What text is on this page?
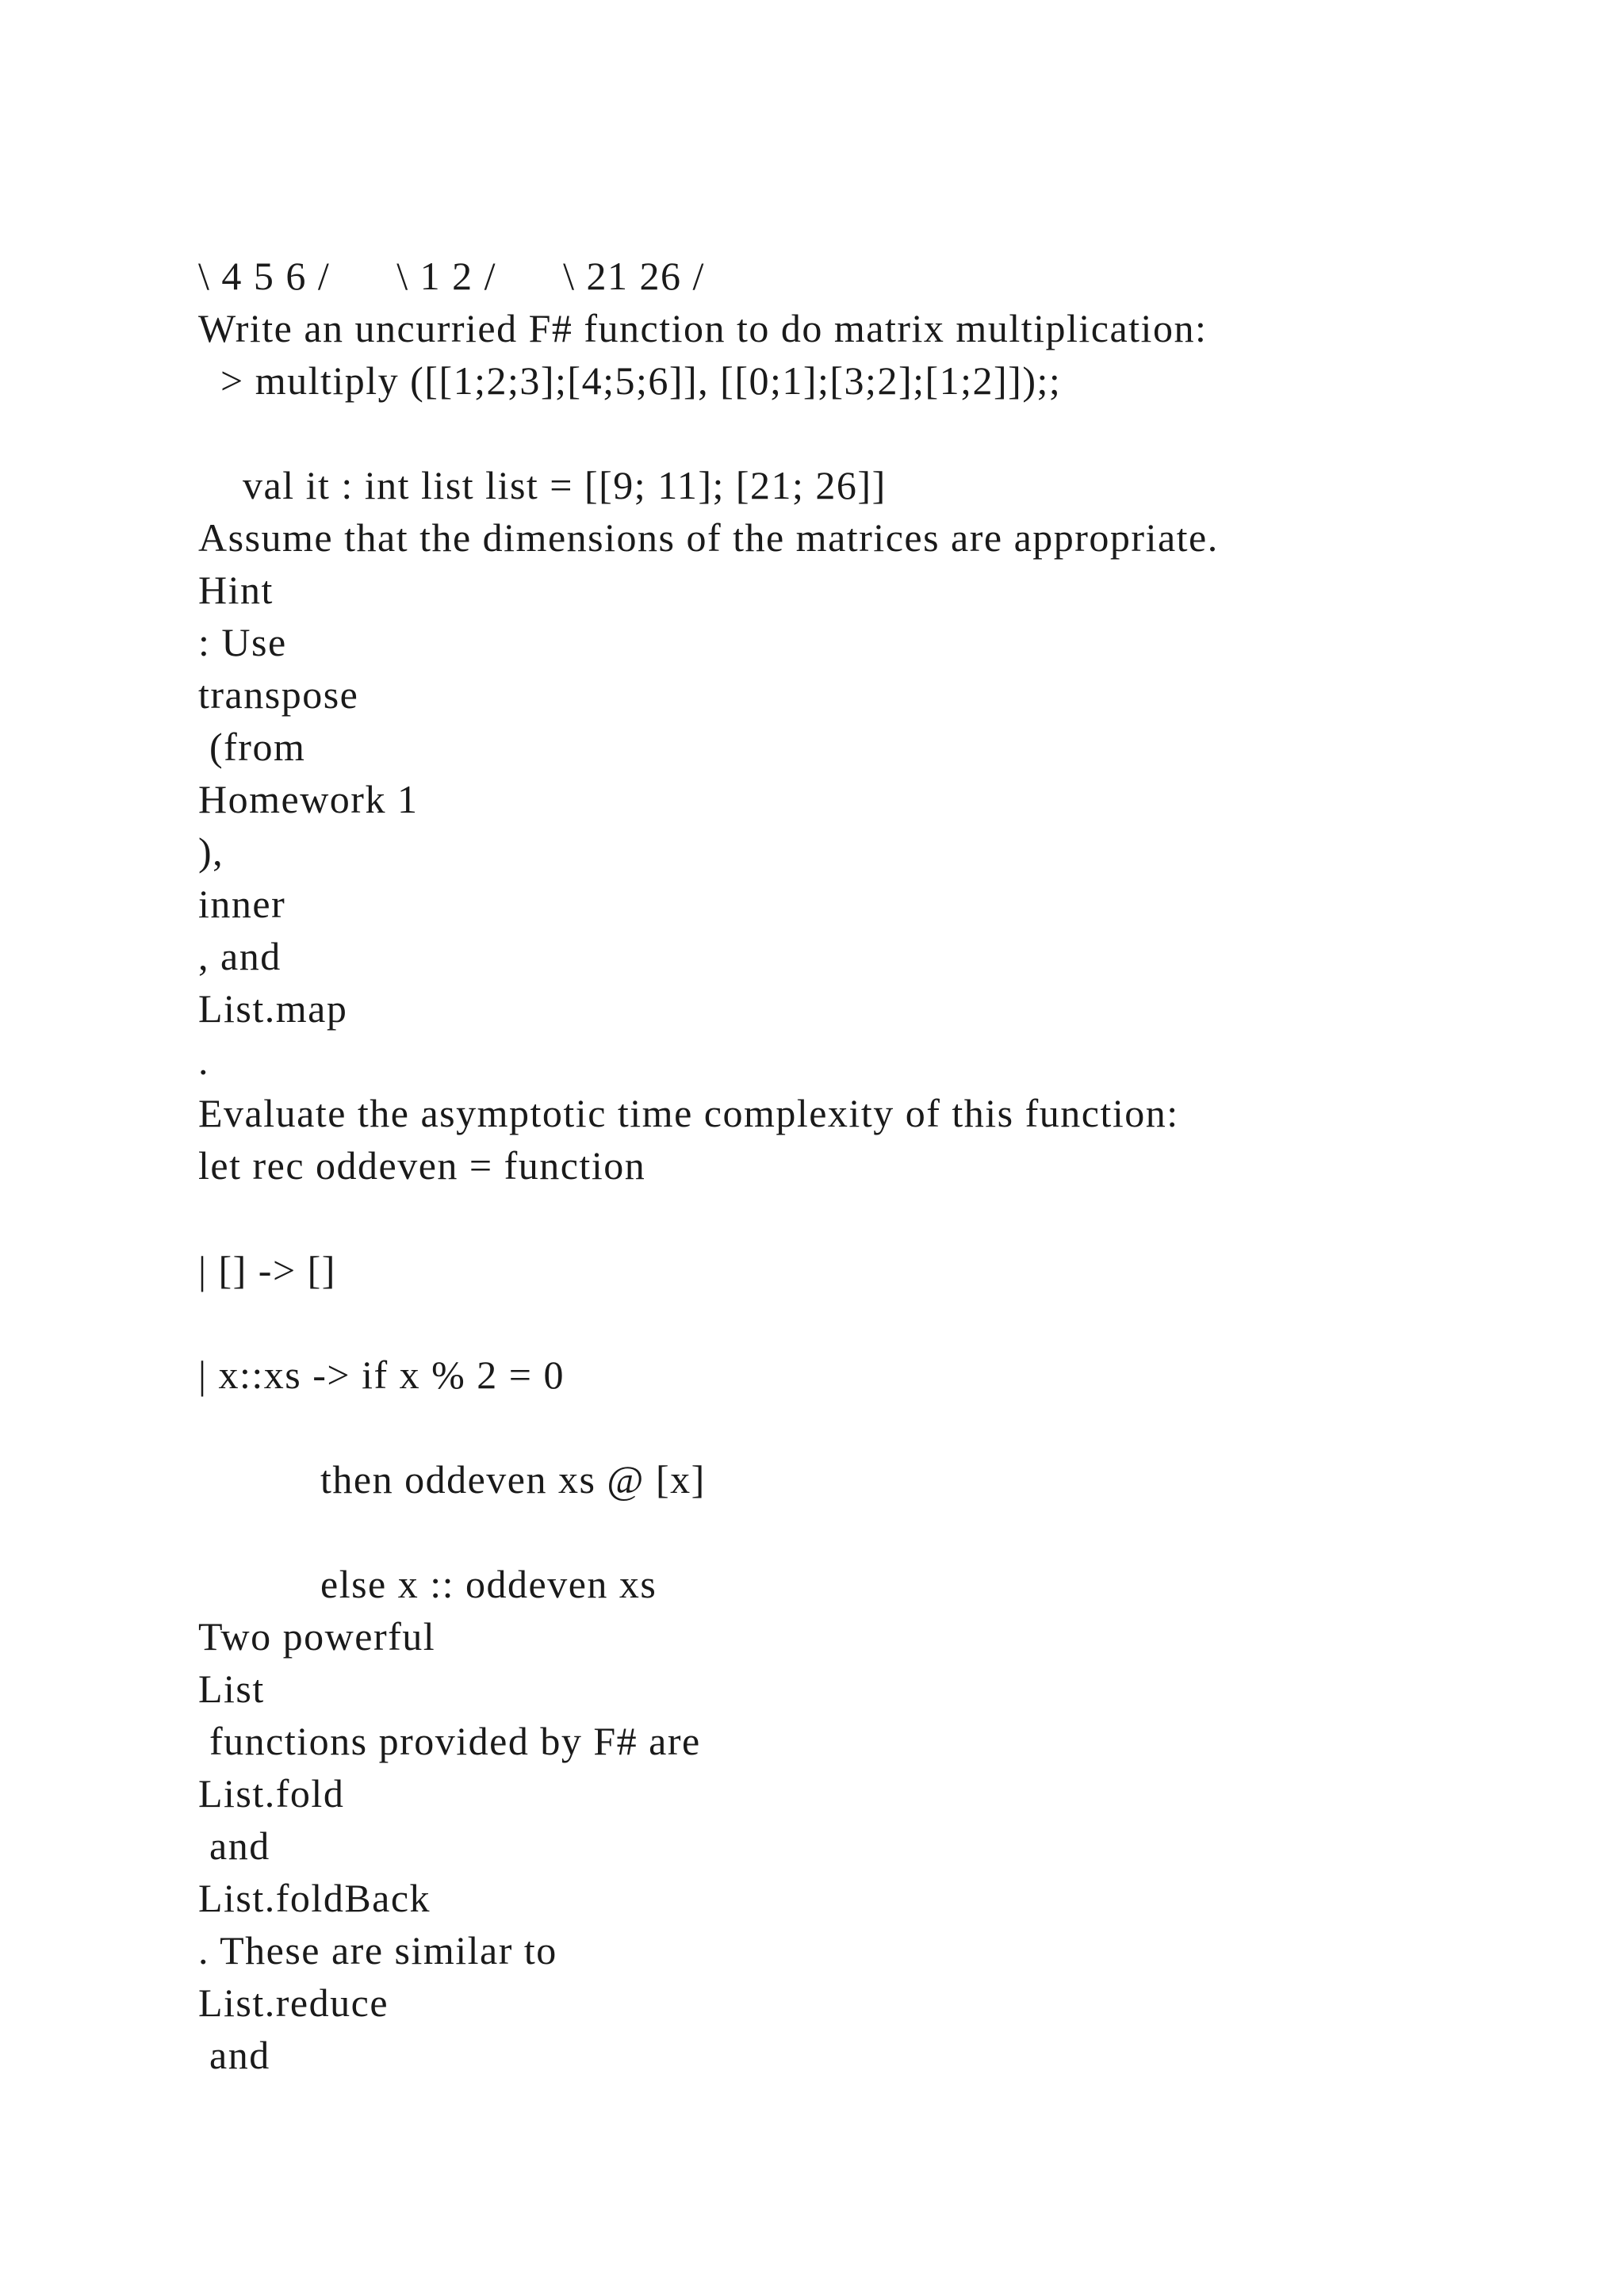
\ 4 5 6 /      \ 1 2 /      \ 21 26 /

Write an uncurried F# function to do matrix multiplication:

> multiply ([[1;2;3];[4;5;6]], [[0;1];[3;2];[1;2]]);;

val it : int list list = [[9; 11]; [21; 26]]

Assume that the dimensions of the matrices are appropriate.

Hint

: Use

transpose

(from

Homework 1

),

inner

, and

List.map

.

Evaluate the asymptotic time complexity of this function:

let rec oddeven = function

| [] -> []

| x::xs -> if x % 2 = 0

then oddeven xs @ [x]

else x :: oddeven xs

Two powerful

List

functions provided by F# are

List.fold

and

List.foldBack

. These are similar to

List.reduce

and
